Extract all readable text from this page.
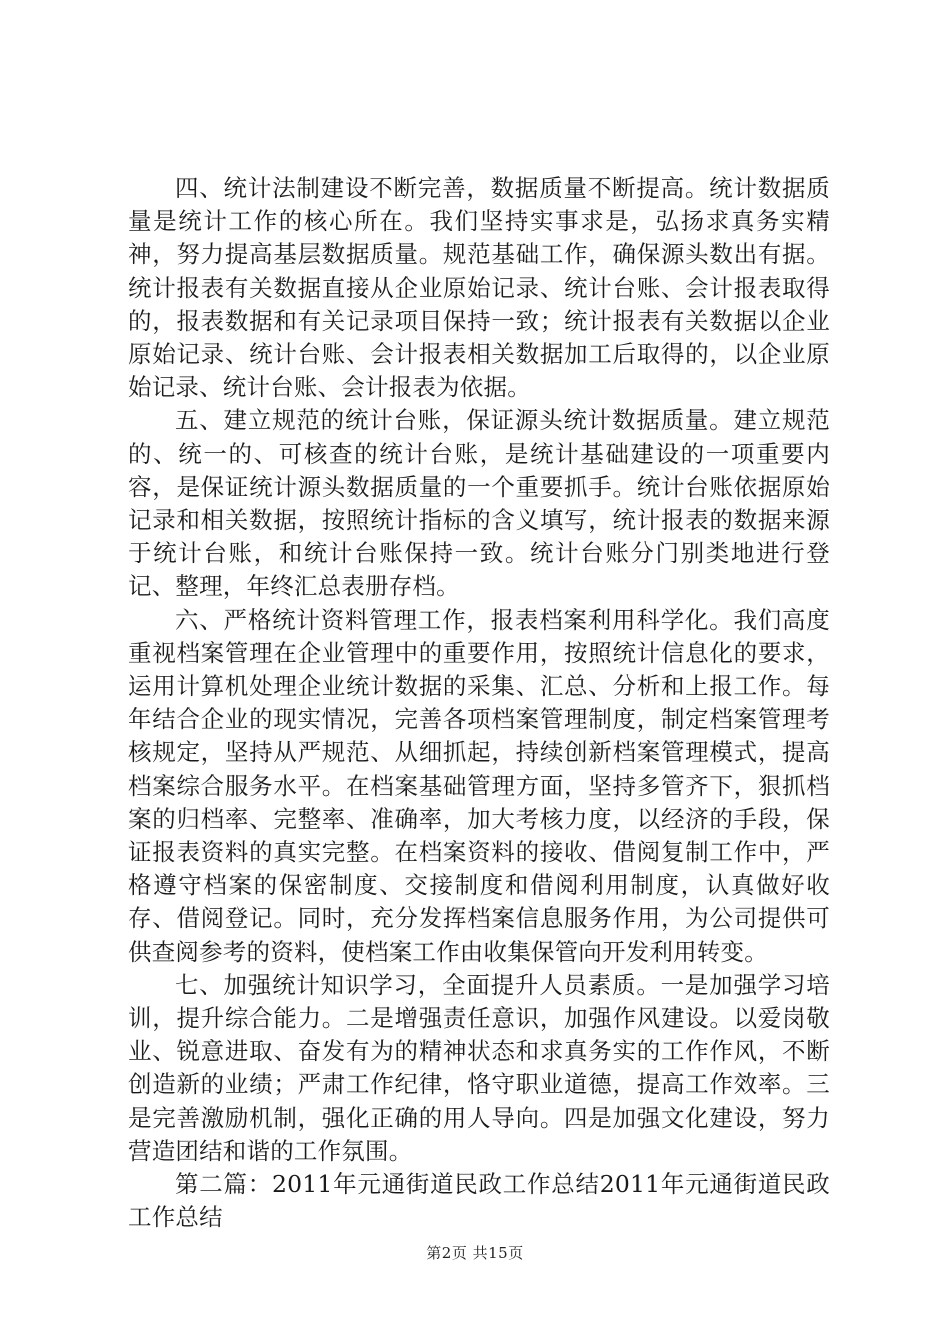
四、统计法制建设不断完善，数据质量不断提高。统计数据质量是统计工作的核心所在。我们坚持实事求是，弘扬求真务实精神，努力提高基层数据质量。规范基础工作，确保源头数出有据。统计报表有关数据直接从企业原始记录、统计台账、会计报表取得的，报表数据和有关记录项目保持一致；统计报表有关数据以企业原始记录、统计台账、会计报表相关数据加工后取得的，以企业原始记录、统计台账、会计报表为依据。

五、建立规范的统计台账，保证源头统计数据质量。建立规范的、统一的、可核查的统计台账，是统计基础建设的一项重要内容，是保证统计源头数据质量的一个重要抓手。统计台账依据原始记录和相关数据，按照统计指标的含义填写，统计报表的数据来源于统计台账，和统计台账保持一致。统计台账分门别类地进行登记、整理，年终汇总表册存档。

六、严格统计资料管理工作，报表档案利用科学化。我们高度重视档案管理在企业管理中的重要作用，按照统计信息化的要求，运用计算机处理企业统计数据的采集、汇总、分析和上报工作。每年结合企业的现实情况，完善各项档案管理制度，制定档案管理考核规定，坚持从严规范、从细抓起，持续创新档案管理模式，提高档案综合服务水平。在档案基础管理方面，坚持多管齐下，狠抓档案的归档率、完整率、准确率，加大考核力度，以经济的手段，保证报表资料的真实完整。在档案资料的接收、借阅复制工作中，严格遵守档案的保密制度、交接制度和借阅利用制度，认真做好收存、借阅登记。同时，充分发挥档案信息服务作用，为公司提供可供查阅参考的资料，使档案工作由收集保管向开发利用转变。

七、加强统计知识学习，全面提升人员素质。一是加强学习培训，提升综合能力。二是增强责任意识，加强作风建设。以爱岗敬业、锐意进取、奋发有为的精神状态和求真务实的工作作风，不断创造新的业绩；严肃工作纪律，恪守职业道德，提高工作效率。三是完善激励机制，强化正确的用人导向。四是加强文化建设，努力营造团结和谐的工作氛围。

第二篇：2011年元通街道民政工作总结2011年元通街道民政工作总结

第2页 共15页
